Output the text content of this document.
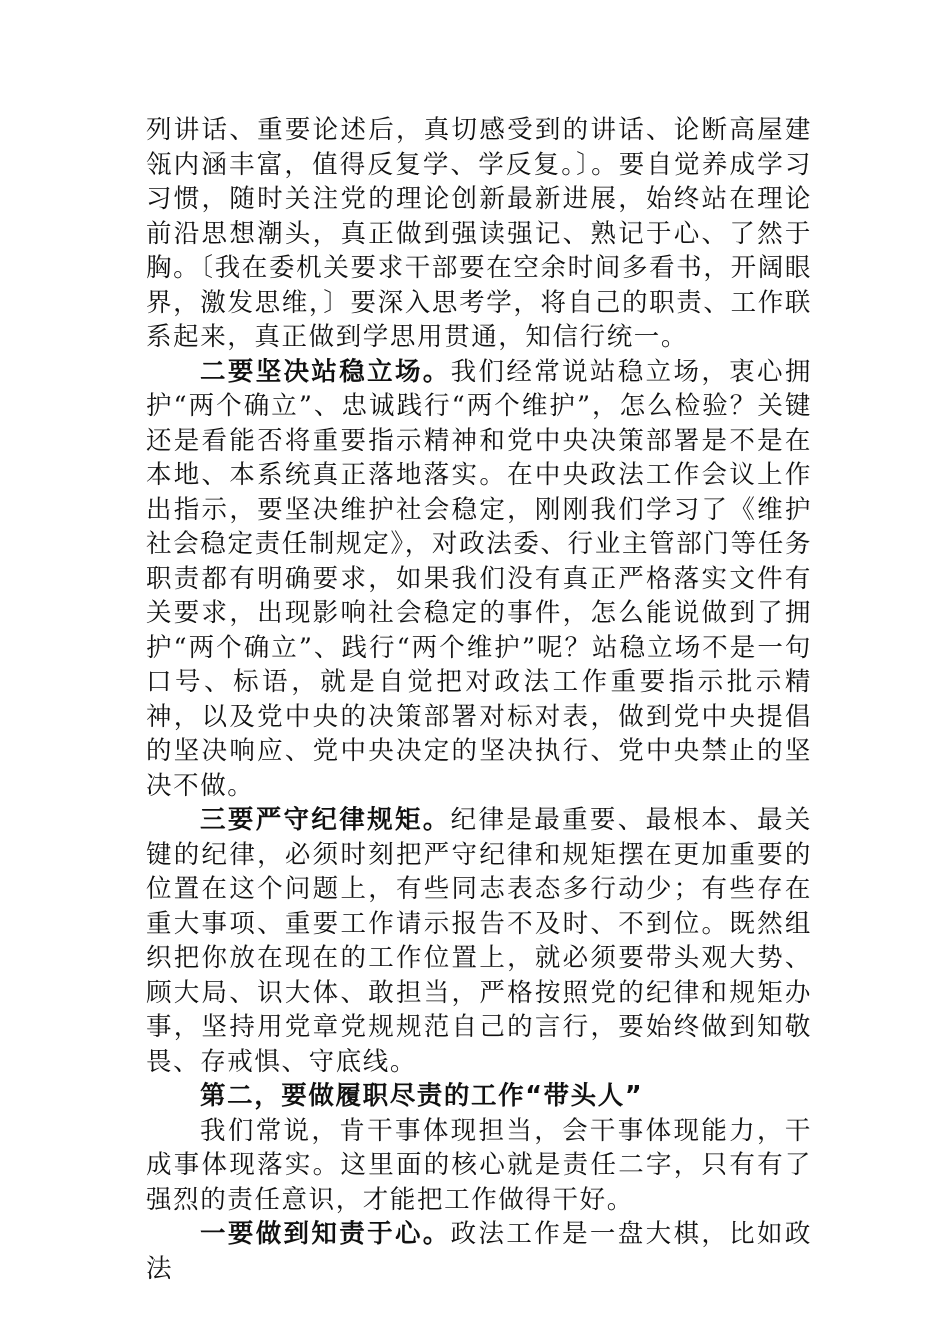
列讲话、重要论述后，真切感受到的讲话、论断高屋建瓴内涵丰富，值得反复学、学反复。〕。要自觉养成学习习惯，随时关注党的理论创新最新进展，始终站在理论前沿思想潮头，真正做到强读强记、熟记于心、了然于胸。〔我在委机关要求干部要在空余时间多看书，开阔眼界，激发思维，〕要深入思考学，将自己的职责、工作联系起来，真正做到学思用贯通，知信行统一。

二要坚决站稳立场。我们经常说站稳立场，衷心拥护“两个确立”、忠诚践行“两个维护”，怎么检验？关键还是看能否将重要指示精神和党中央决策部署是不是在本地、本系统真正落地落实。在中央政法工作会议上作出指示，要坚决维护社会稳定，刚刚我们学习了《维护社会稳定责任制规定》，对政法委、行业主管部门等任务职责都有明确要求，如果我们没有真正严格落实文件有关要求，出现影响社会稳定的事件，怎么能说做到了拥护“两个确立”、践行“两个维护”呢？站稳立场不是一句口号、标语，就是自觉把对政法工作重要指示批示精神，以及党中央的决策部署对标对表，做到党中央提倡的坚决响应、党中央决定的坚决执行、党中央禁止的坚决不做。

三要严守纪律规矩。纪律是最重要、最根本、最关键的纪律，必须时刻把严守纪律和规矩摆在更加重要的位置在这个问题上，有些同志表态多行动少；有些存在重大事项、重要工作请示报告不及时、不到位。既然组织把你放在现在的工作位置上，就必须要带头观大势、顾大局、识大体、敢担当，严格按照党的纪律和规矩办事，坚持用党章党规规范自己的言行，要始终做到知敬畏、存戒惧、守底线。

第二，要做履职尽责的工作“带头人”

我们常说，肯干事体现担当，会干事体现能力，干成事体现落实。这里面的核心就是责任二字，只有有了强烈的责任意识，才能把工作做得干好。

一要做到知责于心。政法工作是一盘大棋，比如政法
